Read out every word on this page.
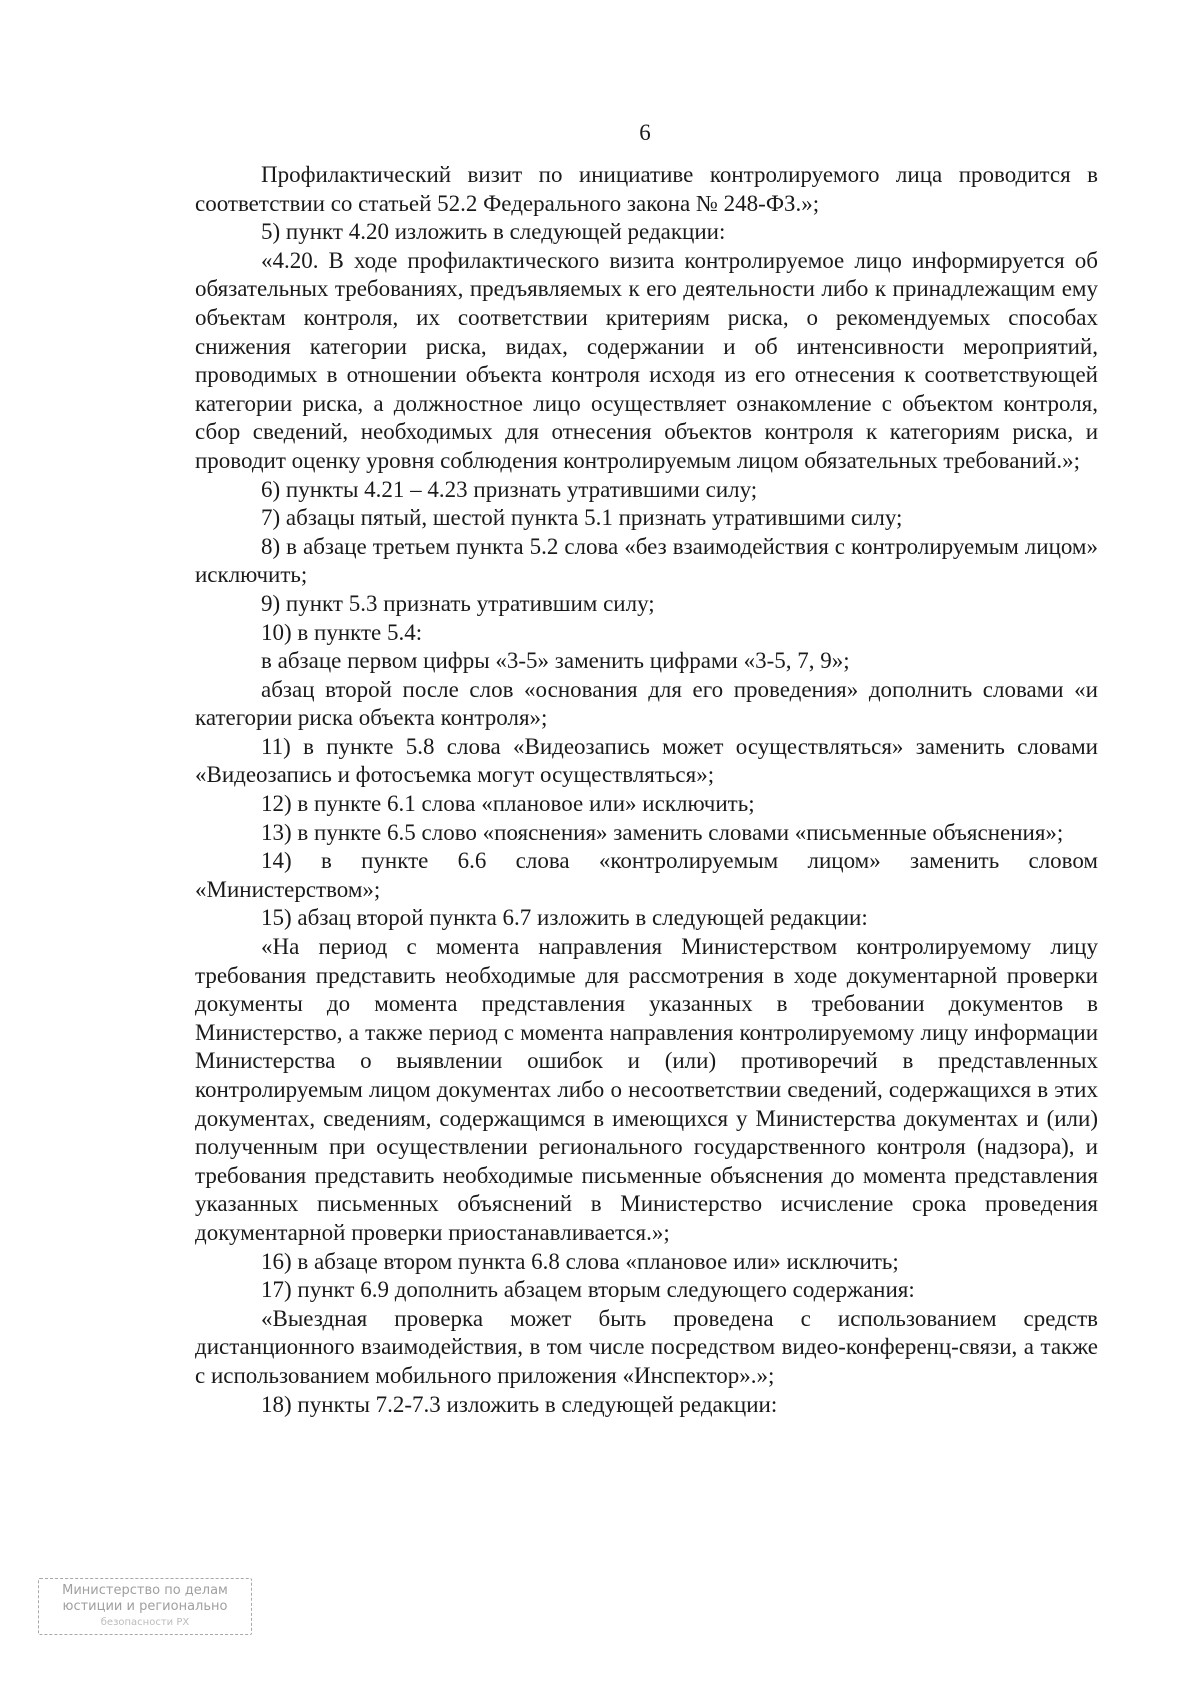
6

Профилактический визит по инициативе контролируемого лица проводится в соответствии со статьей 52.2 Федерального закона № 248-ФЗ.»;

5) пункт 4.20 изложить в следующей редакции:

«4.20. В ходе профилактического визита контролируемое лицо информируется об обязательных требованиях, предъявляемых к его деятельности либо к принадлежащим ему объектам контроля, их соответствии критериям риска, о рекомендуемых способах снижения категории риска, видах, содержании и об интенсивности мероприятий, проводимых в отношении объекта контроля исходя из его отнесения к соответствующей категории риска, а должностное лицо осуществляет ознакомление с объектом контроля, сбор сведений, необходимых для отнесения объектов контроля к категориям риска, и проводит оценку уровня соблюдения контролируемым лицом обязательных требований.»;

6) пункты 4.21 – 4.23 признать утратившими силу;

7) абзацы пятый, шестой пункта 5.1 признать утратившими силу;

8) в абзаце третьем пункта 5.2 слова «без взаимодействия с контролируемым лицом» исключить;

9) пункт 5.3 признать утратившим силу;

10) в пункте 5.4:

в абзаце первом цифры «3-5» заменить цифрами «3-5, 7, 9»;

абзац второй после слов «основания для его проведения» дополнить словами «и категории риска объекта контроля»;

11) в пункте 5.8 слова «Видеозапись может осуществляться» заменить словами «Видеозапись и фотосъемка могут осуществляться»;

12) в пункте 6.1 слова «плановое или» исключить;

13) в пункте 6.5 слово «пояснения» заменить словами «письменные объяснения»;

14) в пункте 6.6 слова «контролируемым лицом» заменить словом «Министерством»;

15) абзац второй пункта 6.7 изложить в следующей редакции:

«На период с момента направления Министерством контролируемому лицу требования представить необходимые для рассмотрения в ходе документарной проверки документы до момента представления указанных в требовании документов в Министерство, а также период с момента направления контролируемому лицу информации Министерства о выявлении ошибок и (или) противоречий в представленных контролируемым лицом документах либо о несоответствии сведений, содержащихся в этих документах, сведениям, содержащимся в имеющихся у Министерства документах и (или) полученным при осуществлении регионального государственного контроля (надзора), и требования представить необходимые письменные объяснения до момента представления указанных письменных объяснений в Министерство исчисление срока проведения документарной проверки приостанавливается.»;

16) в абзаце втором пункта 6.8 слова «плановое или» исключить;

17) пункт 6.9 дополнить абзацем вторым следующего содержания:

«Выездная проверка может быть проведена с использованием средств дистанционного взаимодействия, в том числе посредством видео-конференц-связи, а также с использованием мобильного приложения «Инспектор».»;

18) пункты 7.2-7.3 изложить в следующей редакции:

Министерство по делам
юстиции и регионально
безопасности РХ
